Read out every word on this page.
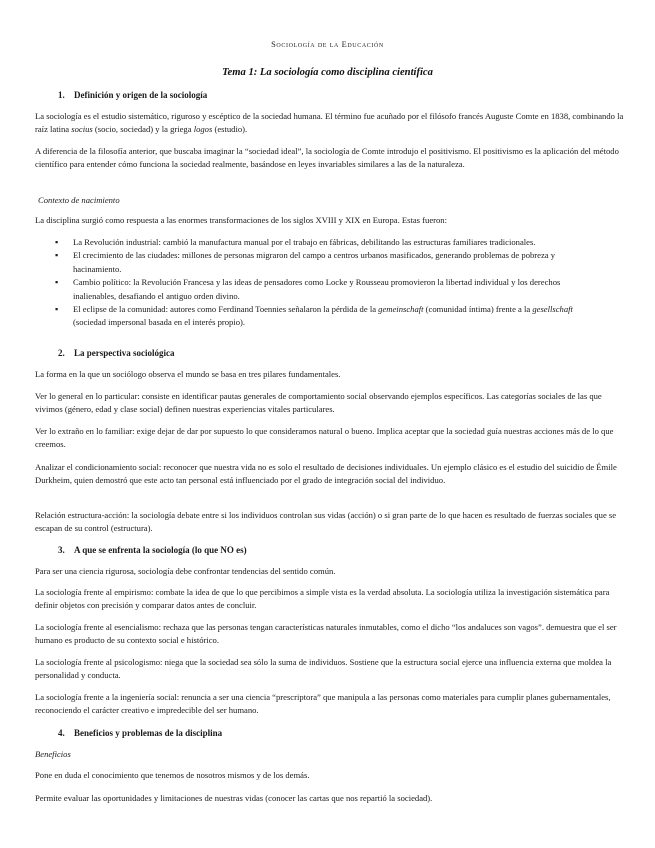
Sociología de la Educación
Tema 1: La sociología como disciplina científica
1. Definición y origen de la sociología
La sociología es el estudio sistemático, riguroso y escéptico de la sociedad humana. El término fue acuñado por el filósofo francés Auguste Comte en 1838, combinando la raíz latina socius (socio, sociedad) y la griega logos (estudio).
A diferencia de la filosofía anterior, que buscaba imaginar la “sociedad ideal”, la sociología de Comte introdujo el positivismo. El positivismo es la aplicación del método científico para entender cómo funciona la sociedad realmente, basándose en leyes invariables similares a las de la naturaleza.
Contexto de nacimiento
La disciplina surgió como respuesta a las enormes transformaciones de los siglos XVIII y XIX en Europa. Estas fueron:
▪ La Revolución industrial: cambió la manufactura manual por el trabajo en fábricas, debilitando las estructuras familiares tradicionales.
▪ El crecimiento de las ciudades: millones de personas migraron del campo a centros urbanos masificados, generando problemas de pobreza y hacinamiento.
▪ Cambio político: la Revolución Francesa y las ideas de pensadores como Locke y Rousseau promovieron la libertad individual y los derechos inalienables, desafiando el antiguo orden divino.
▪ El eclipse de la comunidad: autores como Ferdinand Toennies señalaron la pérdida de la gemeinschaft (comunidad íntima) frente a la gesellschaft (sociedad impersonal basada en el interés propio).
2. La perspectiva sociológica
La forma en la que un sociólogo observa el mundo se basa en tres pilares fundamentales.
Ver lo general en lo particular: consiste en identificar pautas generales de comportamiento social observando ejemplos específicos. Las categorías sociales de las que vivimos (género, edad y clase social) definen nuestras experiencias vitales particulares.
Ver lo extraño en lo familiar: exige dejar de dar por supuesto lo que consideramos natural o bueno. Implica aceptar que la sociedad guía nuestras acciones más de lo que creemos.
Analizar el condicionamiento social: reconocer que nuestra vida no es solo el resultado de decisiones individuales. Un ejemplo clásico es el estudio del suicidio de Émile Durkheim, quien demostró que este acto tan personal está influenciado por el grado de integración social del individuo.
Relación estructura-acción: la sociología debate entre si los individuos controlan sus vidas (acción) o si gran parte de lo que hacen es resultado de fuerzas sociales que se escapan de su control (estructura).
3. A que se enfrenta la sociología (lo que NO es)
Para ser una ciencia rigurosa, sociología debe confrontar tendencias del sentido común.
La sociología frente al empirismo: combate la idea de que lo que percibimos a simple vista es la verdad absoluta. La sociología utiliza la investigación sistemática para definir objetos con precisión y comparar datos antes de concluir.
La sociología frente al esencialismo: rechaza que las personas tengan características naturales inmutables, como el dicho “los andaluces son vagos”. demuestra que el ser humano es producto de su contexto social e histórico.
La sociología frente al psicologismo: niega que la sociedad sea sólo la suma de individuos. Sostiene que la estructura social ejerce una influencia externa que moldea la personalidad y conducta.
La sociología frente a la ingeniería social: renuncia a ser una ciencia “prescriptora” que manipula a las personas como materiales para cumplir planes gubernamentales, reconociendo el carácter creativo e impredecible del ser humano.
4. Beneficios y problemas de la disciplina
Beneficios
Pone en duda el conocimiento que tenemos de nosotros mismos y de los demás.
Permite evaluar las oportunidades y limitaciones de nuestras vidas (conocer las cartas que nos repartió la sociedad).
